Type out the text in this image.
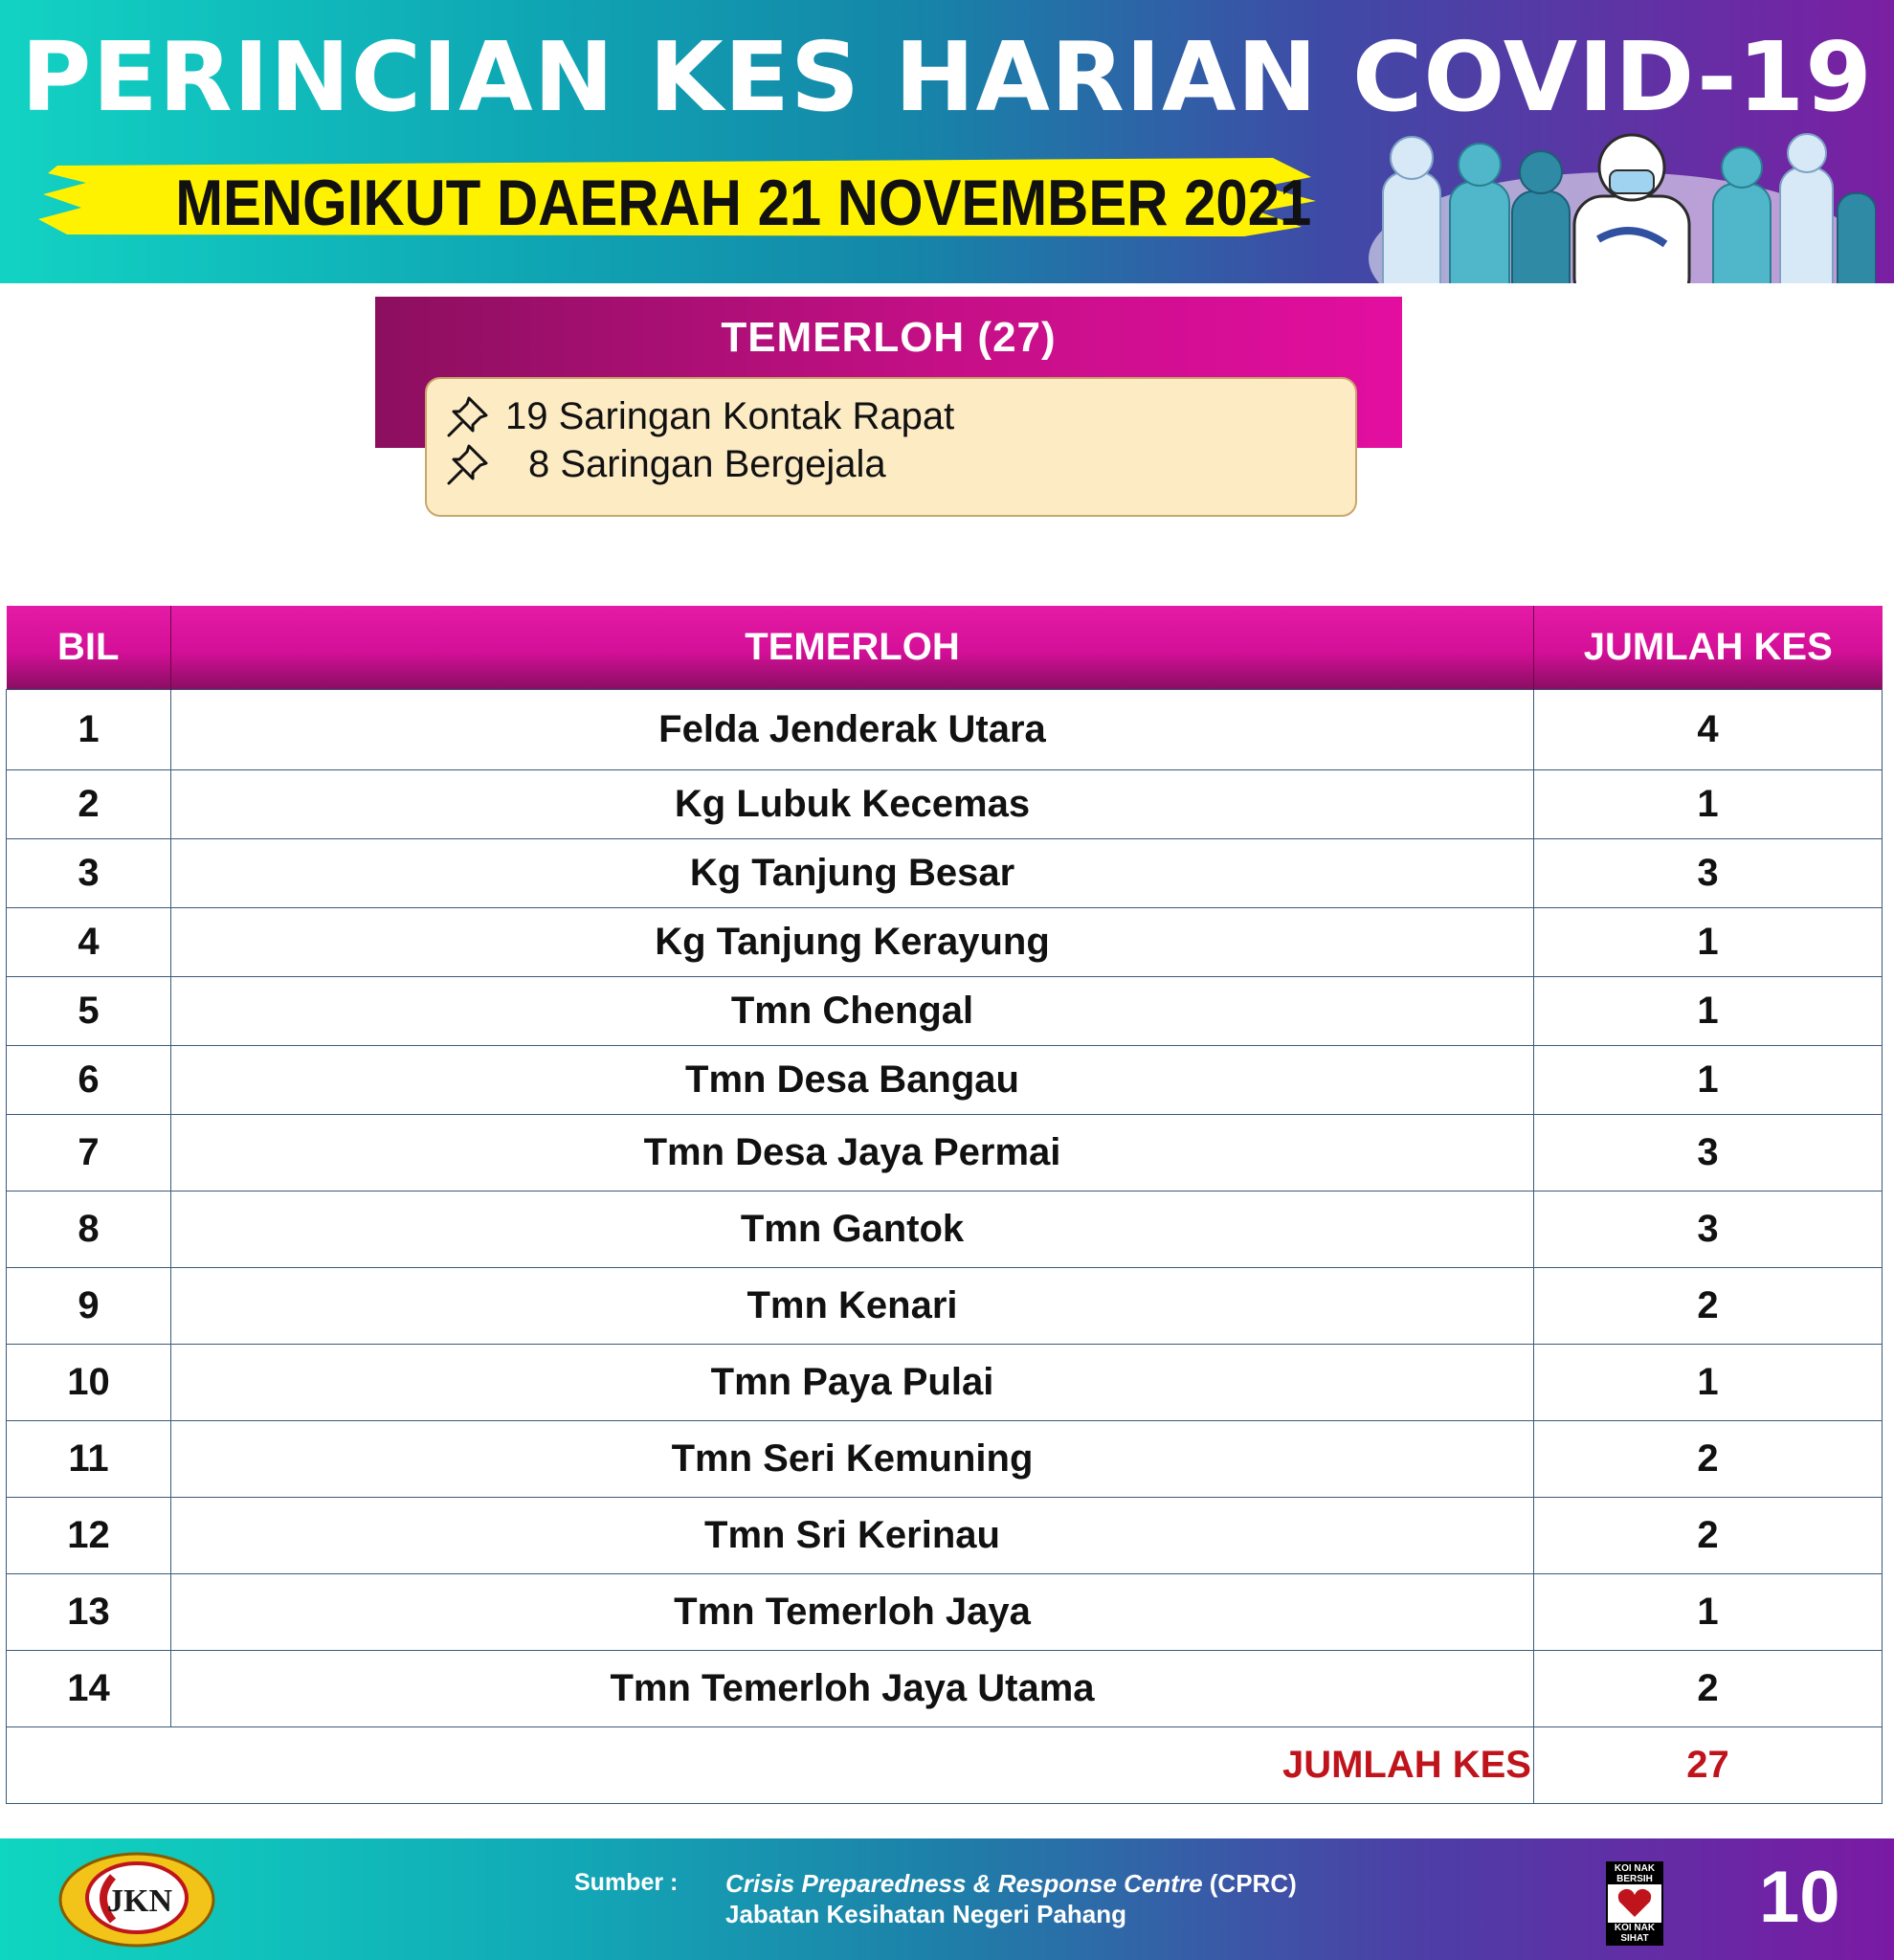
PERINCIAN KES HARIAN COVID-19
MENGIKUT DAERAH 21 NOVEMBER 2021
TEMERLOH (27)
19 Saringan Kontak Rapat
8 Saringan Bergejala
BIL	TEMERLOH	JUMLAH KES
1	Felda Jenderak Utara	4
2	Kg Lubuk Kecemas	1
3	Kg Tanjung Besar	3
4	Kg Tanjung Kerayung	1
5	Tmn Chengal	1
6	Tmn Desa Bangau	1
7	Tmn Desa Jaya Permai	3
8	Tmn Gantok	3
9	Tmn Kenari	2
10	Tmn Paya Pulai	1
11	Tmn Seri Kemuning	2
12	Tmn Sri Kerinau	2
13	Tmn Temerloh Jaya	1
14	Tmn Temerloh Jaya Utama	2
JUMLAH KES		27
JKN
Sumber : Crisis Preparedness & Response Centre (CPRC)
Jabatan Kesihatan Negeri Pahang
KOI NAK BERSIH
KOI NAK SIHAT
10
